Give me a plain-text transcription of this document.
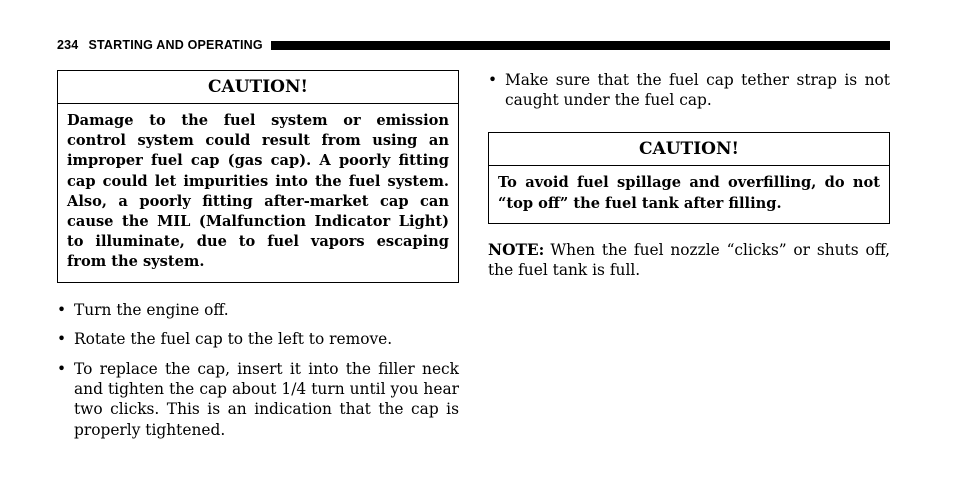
234 STARTING AND OPERATING
CAUTION!
Damage to the fuel system or emission control system could result from using an improper fuel cap (gas cap). A poorly fitting cap could let impurities into the fuel system. Also, a poorly fitting after-market cap can cause the MIL (Malfunction Indicator Light) to illuminate, due to fuel vapors escaping from the system.
• Turn the engine off.
• Rotate the fuel cap to the left to remove.
• To replace the cap, insert it into the filler neck and tighten the cap about 1/4 turn until you hear two clicks. This is an indication that the cap is properly tightened.
• Make sure that the fuel cap tether strap is not caught under the fuel cap.
CAUTION!
To avoid fuel spillage and overfilling, do not “top off” the fuel tank after filling.
NOTE: When the fuel nozzle “clicks” or shuts off, the fuel tank is full.
